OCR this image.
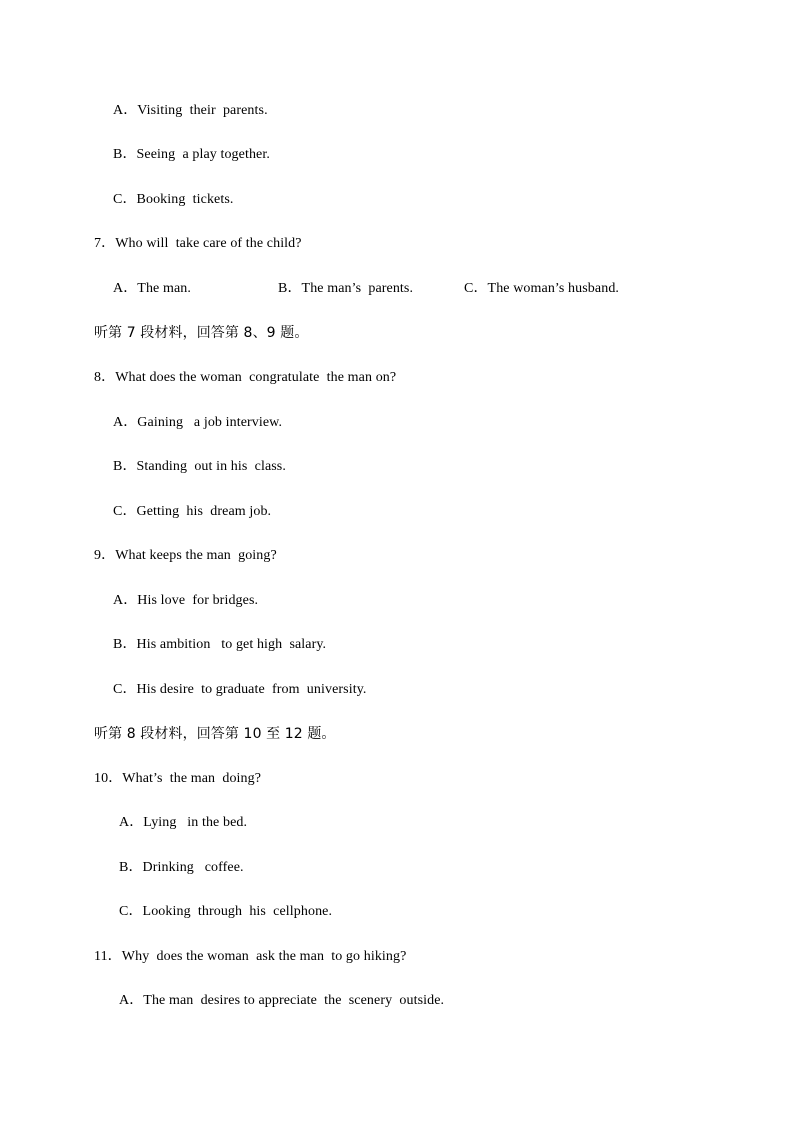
A．Visiting  their  parents.
B．Seeing  a play together.
C．Booking  tickets.
7．Who will  take care of the child?
A．The man.	B．The man’s  parents.	C．The woman’s husband.
听第 7 段材料，回答第 8、9 题。
8．What does the woman  congratulate  the man on?
A．Gaining   a job interview.
B．Standing  out in his  class.
C．Getting  his  dream job.
9．What keeps the man  going?
A．His love  for bridges.
B．His ambition   to get high  salary.
C．His desire  to graduate  from  university.
听第 8 段材料，回答第 10 至 12 题。
10．What’s  the man  doing?
A．Lying   in the bed.
B．Drinking   coffee.
C．Looking  through  his  cellphone.
11．Why  does the woman  ask the man  to go hiking?
A．The man  desires to appreciate  the  scenery  outside.
